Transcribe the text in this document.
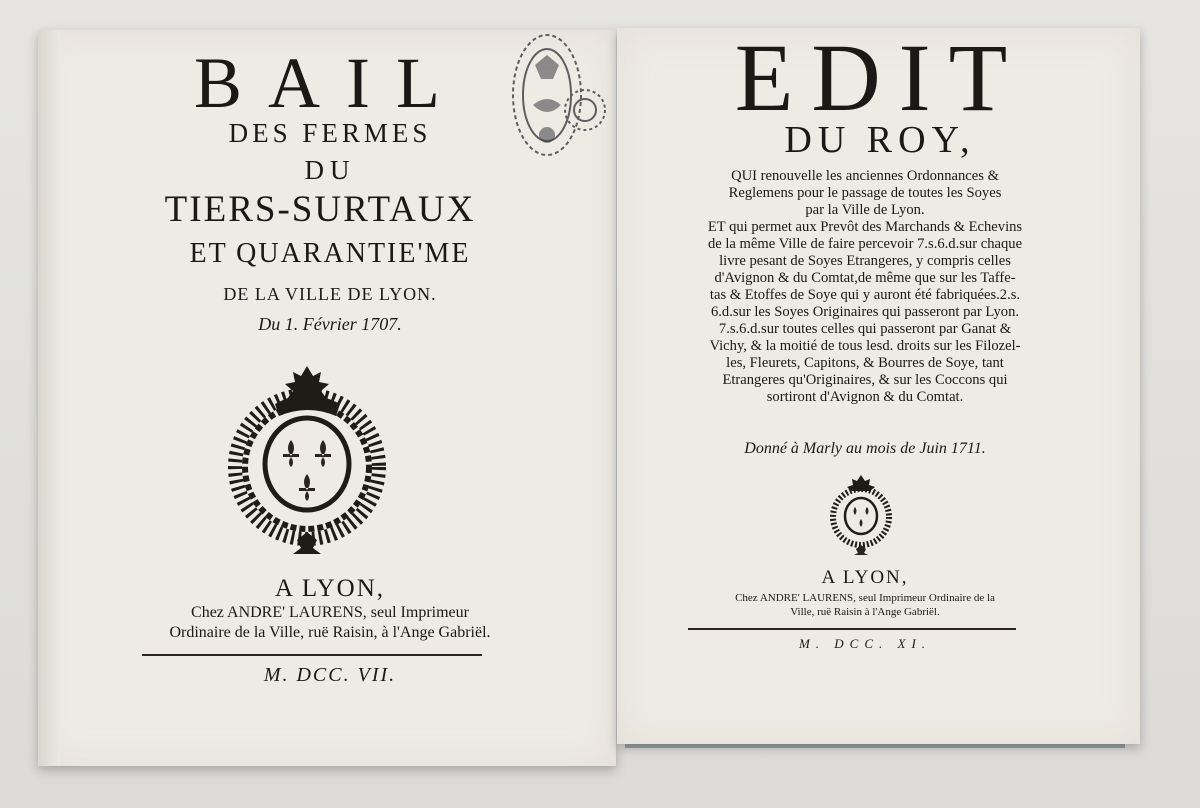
BAIL
DES FERMES
DU
TIERS-SURTAUX
ET QUARANTIE'ME
DE LA VILLE DE LYON.
Du 1. Février 1707.
A LYON,
Chez ANDRE' LAURENS, seul Imprimeur
Ordinaire de la Ville, ruë Raisin, à l'Ange Gabriël.
M. DCC. VII.
EDIT
DU ROY,
QUI renouvelle les anciennes Ordonnances &
Reglemens pour le passage de toutes les Soyes
par la Ville de Lyon.
ET qui permet aux Prevôt des Marchands & Echevins
de la même Ville de faire percevoir 7.s.6.d.sur chaque
livre pesant de Soyes Etrangeres, y compris celles
d'Avignon & du Comtat,de même que sur les Taffe-
tas & Etoffes de Soye qui y auront été fabriquées.2.s.
6.d.sur les Soyes Originaires qui passeront par Lyon.
7.s.6.d.sur toutes celles qui passeront par Ganat &
Vichy, & la moitié de tous lesd. droits sur les Filozel-
les, Fleurets, Capitons, & Bourres de Soye, tant
Etrangeres qu'Originaires, & sur les Coccons qui
sortiront d'Avignon & du Comtat.
Donné à Marly au mois de Juin 1711.
A LYON,
Chez ANDRE' LAURENS, seul Imprimeur Ordinaire de la
Ville, ruë Raisin à l'Ange Gabriël.
M. DCC. XI.
